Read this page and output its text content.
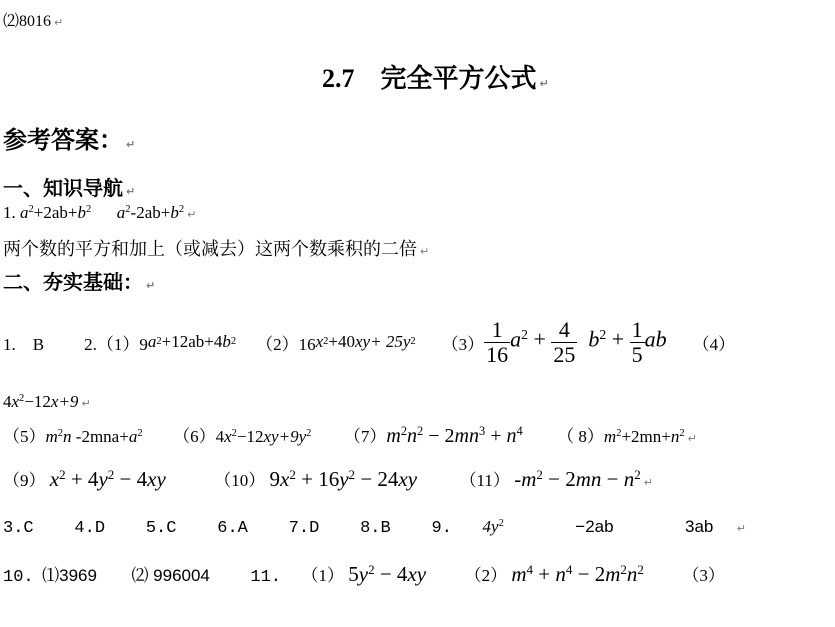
⑵8016 ↵
2.7　完全平方公式 ↵
参考答案： ↵
一、知识导航 ↵
1. $a^2+2ab+b^2$ $a^2-2ab+b^2$ ↵
两个数的平方和加上（或减去）这两个数乘积的二倍 ↵
二、夯实基础： ↵
1.　B 2.（1）9 a 2 +12ab+4 b 2 （2）16 x 2 +40 xy + 25 y 2 $(3) \frac{1}{16} a^2 + \frac{4}{25} b^2 + \frac{1}{5}$ ab （4）
$4x^2-12x+9$ ↵
$(5)m^2n$ $-2mna+a^2$ $(6)4x^2-12xy+9y^2$ $(7)m^2n^2 - 2mn^3 + n^4$ （ $8)m^2+2mn+n^2$ ↵
（9） $x^2 + 4y^2 - 4xy$	（10） $9x^2 + 16y^2 - 24xy$	（11） $-m^2 - 2mn$ − $n^2↵$
3.C 4.D 5.C 6.A 7.D 8.B 9. $4y^2$	−2ab	3ab ↵
10. ⑴3969 ⑵ 996004 11. （1） $5y^2 - 4xy$ （2） $m^4 + n^4 - 2m^2n^2$ （3）
